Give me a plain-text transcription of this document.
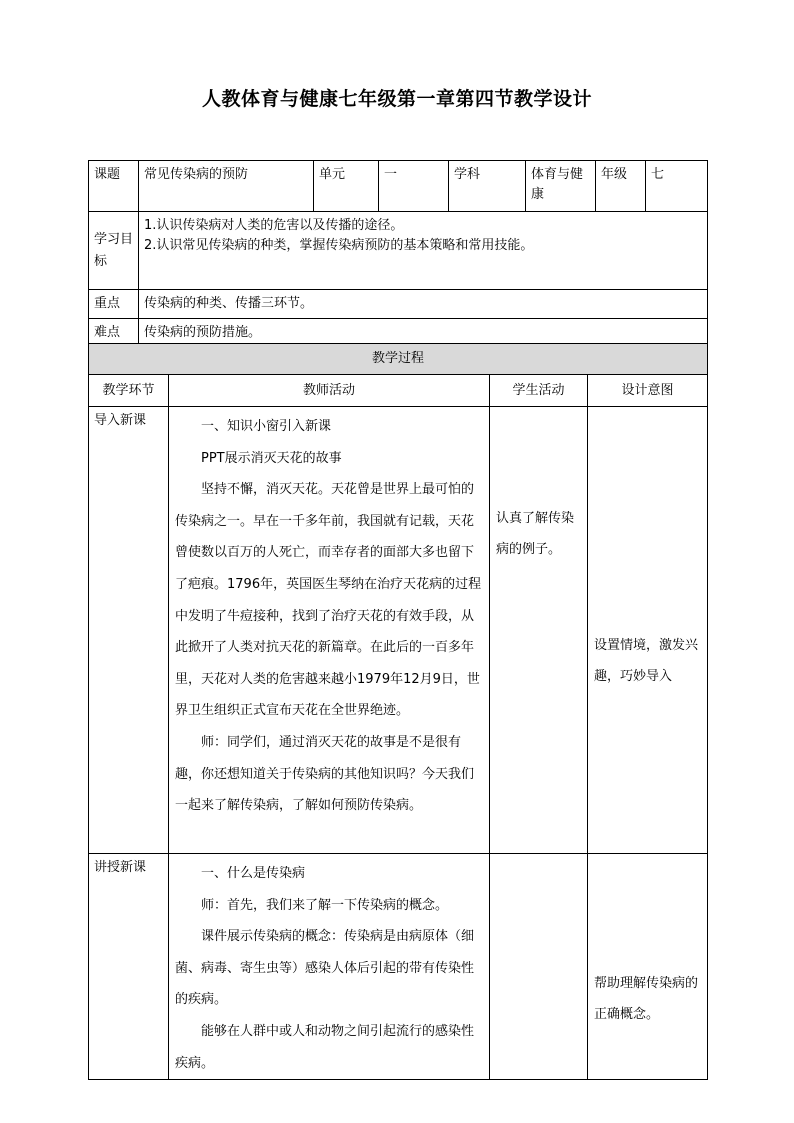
人教体育与健康七年级第一章第四节教学设计
课题	常见传染病的预防	单元	一	学科	体育与健康	年级	七
学习目标	1.认识传染病对人类的危害以及传播的途径。
2.认识常见传染病的种类，掌握传染病预防的基本策略和常用技能。						

重点	传染病的种类、传播三环节。						
难点	传染病的预防措施。						
教学过程			
教学环节	教师活动	学生活动	设计意图
导入新课	一、知识小窗引入新课

PPT展示消灭天花的故事

坚持不懈，消灭天花。天花曾是世界上最可怕的传染病之一。早在一千多年前，我国就有记载，天花曾使数以百万的人死亡，而幸存者的面部大多也留下了疤痕。1796年，英国医生琴纳在治疗天花病的过程中发明了牛痘接种，找到了治疗天花的有效手段，从此掀开了人类对抗天花的新篇章。在此后的一百多年里，天花对人类的危害越来越小1979年12月9日，世界卫生组织正式宣布天花在全世界绝迹。

师：同学们，通过消灭天花的故事是不是很有趣，你还想知道关于传染病的其他知识吗？今天我们一起来了解传染病，了解如何预防传染病。	认真了解传染病的例子。	设置情境，激发兴趣，巧妙导入

讲授新课	一、什么是传染病

师：首先，我们来了解一下传染病的概念。

课件展示传染病的概念：传染病是由病原体（细菌、病毒、寄生虫等）感染人体后引起的带有传染性的疾病。

能够在人群中或人和动物之间引起流行的感染性疾病。		帮助理解传染病的正确概念。
